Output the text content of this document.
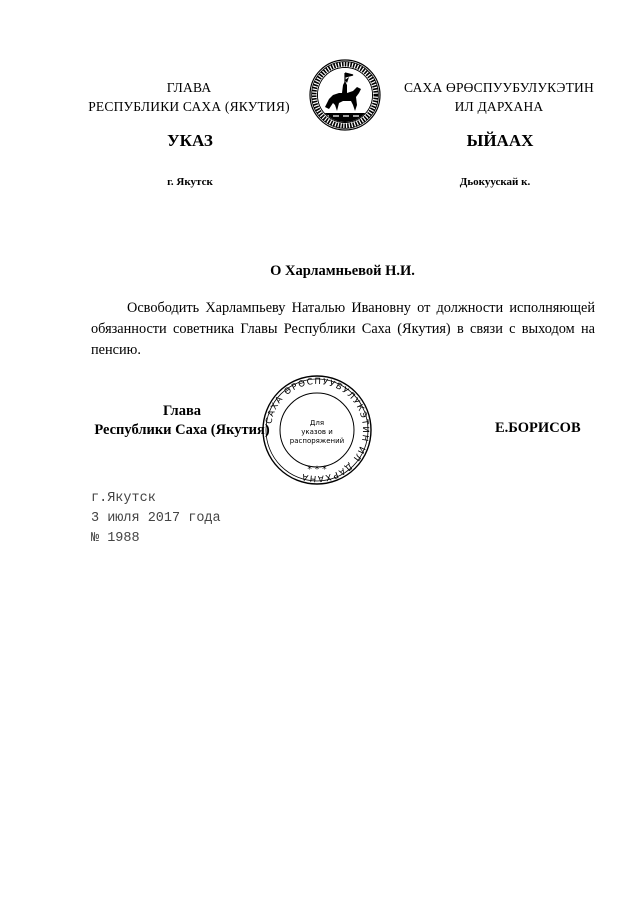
ГЛАВА
РЕСПУБЛИКИ САХА (ЯКУТИЯ)
САХА ӨРӨСПУУБУЛУКЭТИН
ИЛ ДАРХАНА
УКАЗ	ЫЙААХ
г. Якутск	Дьокуускай к.
О Харламньевой Н.И.
Освободить Харлампьеву Наталью Ивановну от должности исполняющей обязанности советника Главы Республики Саха (Якутия) в связи с выходом на пенсию.
Глава
Республики Саха (Якутия)
САХА ӨРӨСПУУБУЛУКЭТИН ИЛ ДАРХАНА
Для
указов и
распоряжений
* * *
Е.БОРИСОВ
г.Якутск
3 июля 2017 года
№ 1988
